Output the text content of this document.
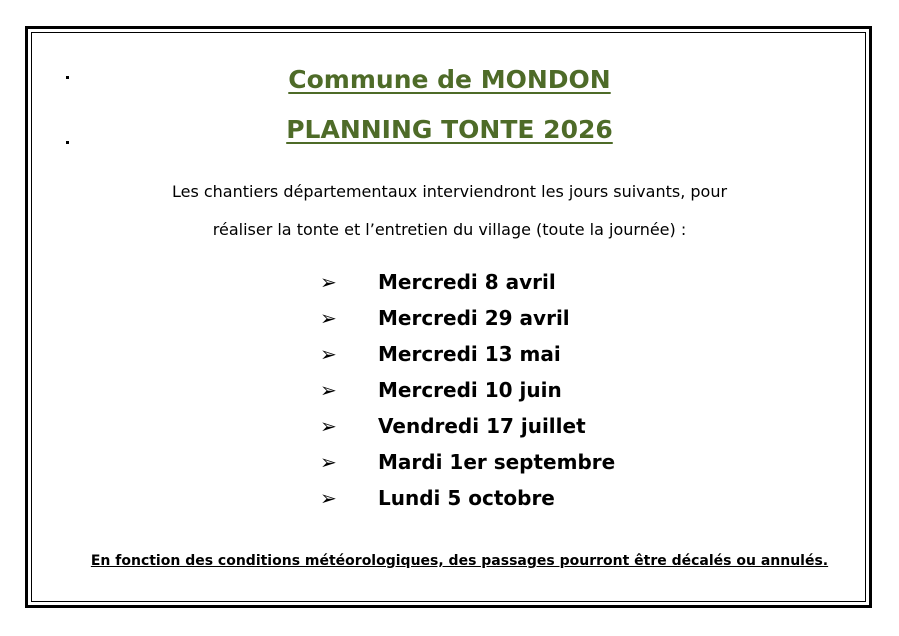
Commune de MONDON
PLANNING TONTE 2026
Les chantiers départementaux interviendront les jours suivants, pour
réaliser la tonte et l’entretien du village (toute la journée) :
➢	Mercredi 8 avril
➢	Mercredi 29 avril
➢	Mercredi 13 mai
➢	Mercredi 10 juin
➢	Vendredi 17 juillet
➢	Mardi 1er septembre
➢	Lundi 5 octobre
En fonction des conditions météorologiques, des passages pourront être décalés ou annulés.
